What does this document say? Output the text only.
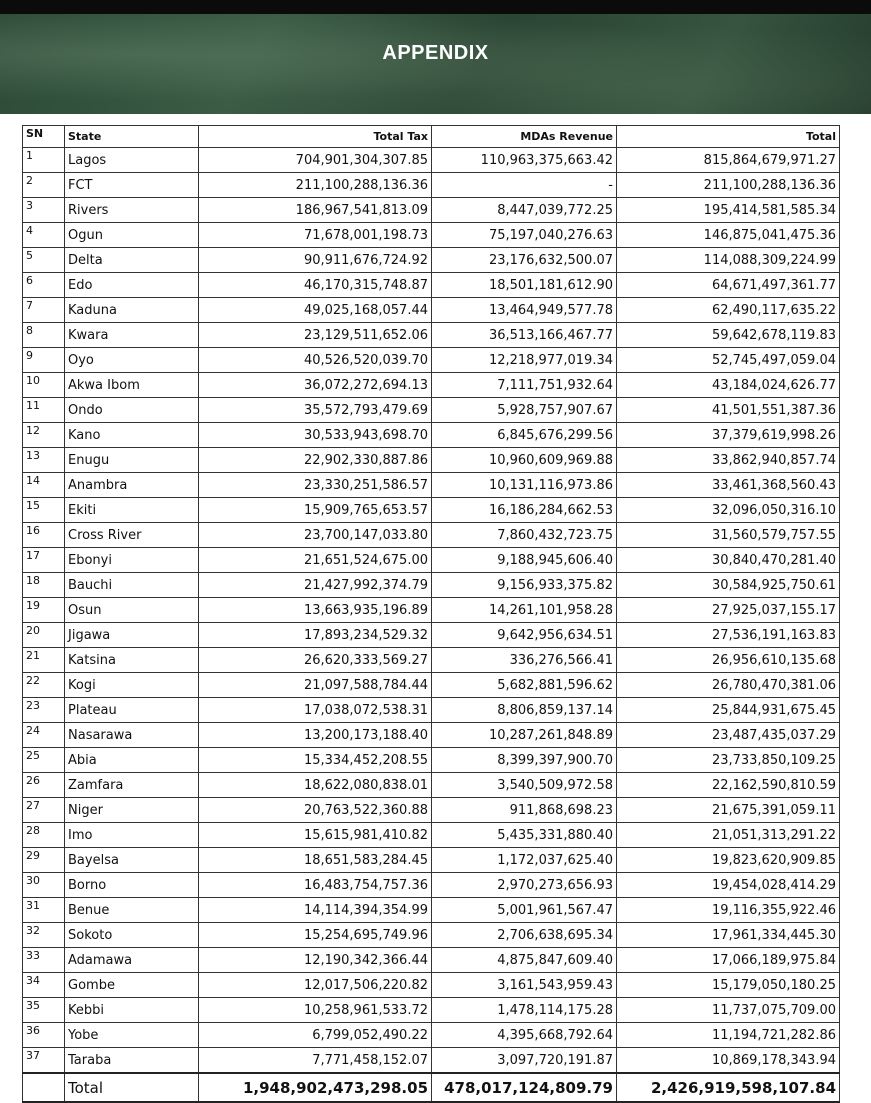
APPENDIX
SN	State	Total Tax	MDAs Revenue	Total
1	Lagos	704,901,304,307.85	110,963,375,663.42	815,864,679,971.27
2	FCT	211,100,288,136.36	-	211,100,288,136.36
3	Rivers	186,967,541,813.09	8,447,039,772.25	195,414,581,585.34
4	Ogun	71,678,001,198.73	75,197,040,276.63	146,875,041,475.36
5	Delta	90,911,676,724.92	23,176,632,500.07	114,088,309,224.99
6	Edo	46,170,315,748.87	18,501,181,612.90	64,671,497,361.77
7	Kaduna	49,025,168,057.44	13,464,949,577.78	62,490,117,635.22
8	Kwara	23,129,511,652.06	36,513,166,467.77	59,642,678,119.83
9	Oyo	40,526,520,039.70	12,218,977,019.34	52,745,497,059.04
10	Akwa Ibom	36,072,272,694.13	7,111,751,932.64	43,184,024,626.77
11	Ondo	35,572,793,479.69	5,928,757,907.67	41,501,551,387.36
12	Kano	30,533,943,698.70	6,845,676,299.56	37,379,619,998.26
13	Enugu	22,902,330,887.86	10,960,609,969.88	33,862,940,857.74
14	Anambra	23,330,251,586.57	10,131,116,973.86	33,461,368,560.43
15	Ekiti	15,909,765,653.57	16,186,284,662.53	32,096,050,316.10
16	Cross River	23,700,147,033.80	7,860,432,723.75	31,560,579,757.55
17	Ebonyi	21,651,524,675.00	9,188,945,606.40	30,840,470,281.40
18	Bauchi	21,427,992,374.79	9,156,933,375.82	30,584,925,750.61
19	Osun	13,663,935,196.89	14,261,101,958.28	27,925,037,155.17
20	Jigawa	17,893,234,529.32	9,642,956,634.51	27,536,191,163.83
21	Katsina	26,620,333,569.27	336,276,566.41	26,956,610,135.68
22	Kogi	21,097,588,784.44	5,682,881,596.62	26,780,470,381.06
23	Plateau	17,038,072,538.31	8,806,859,137.14	25,844,931,675.45
24	Nasarawa	13,200,173,188.40	10,287,261,848.89	23,487,435,037.29
25	Abia	15,334,452,208.55	8,399,397,900.70	23,733,850,109.25
26	Zamfara	18,622,080,838.01	3,540,509,972.58	22,162,590,810.59
27	Niger	20,763,522,360.88	911,868,698.23	21,675,391,059.11
28	Imo	15,615,981,410.82	5,435,331,880.40	21,051,313,291.22
29	Bayelsa	18,651,583,284.45	1,172,037,625.40	19,823,620,909.85
30	Borno	16,483,754,757.36	2,970,273,656.93	19,454,028,414.29
31	Benue	14,114,394,354.99	5,001,961,567.47	19,116,355,922.46
32	Sokoto	15,254,695,749.96	2,706,638,695.34	17,961,334,445.30
33	Adamawa	12,190,342,366.44	4,875,847,609.40	17,066,189,975.84
34	Gombe	12,017,506,220.82	3,161,543,959.43	15,179,050,180.25
35	Kebbi	10,258,961,533.72	1,478,114,175.28	11,737,075,709.00
36	Yobe	6,799,052,490.22	4,395,668,792.64	11,194,721,282.86
37	Taraba	7,771,458,152.07	3,097,720,191.87	10,869,178,343.94
	Total	1,948,902,473,298.05	478,017,124,809.79	2,426,919,598,107.84
